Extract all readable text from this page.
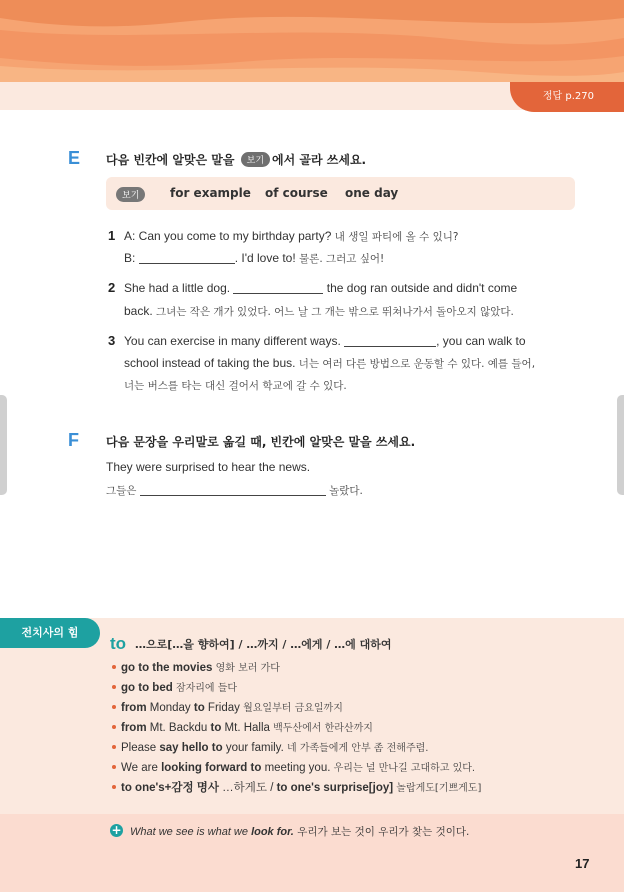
정답 p.270
E 다음 빈칸에 알맞은 말을 보기 에서 골라 쓰세요.
보기	for example of course one day
1 A: Can you come to my birthday party? 내 생일 파티에 올 수 있니?
B:	. I'd love to! 물론. 그러고 싶어!
2 She had a little dog.	the dog ran outside and didn't come
back. 그녀는 작은 개가 있었다. 어느 날 그 개는 밖으로 뛰쳐나가서 돌아오지 않았다.
3 You can exercise in many different ways.	, you can walk to
school instead of taking the bus. 너는 여러 다른 방법으로 운동할 수 있다. 예를 들어,
너는 버스를 타는 대신 걸어서 학교에 갈 수 있다.
F 다음 문장을 우리말로 옮길 때, 빈칸에 알맞은 말을 쓰세요.
They were surprised to hear the news.
그들은	놀랐다.
전치사의 힘
to …으로[…을 향하여] / …까지 / …에게 / …에 대하여
go to the movies 영화 보러 가다
go to bed 잠자리에 들다
from Monday to Friday 월요일부터 금요일까지
from Mt. Backdu to Mt. Halla 백두산에서 한라산까지
Please say hello to your family. 네 가족들에게 안부 좀 전해주렴.
We are looking forward to meeting you. 우리는 널 만나길 고대하고 있다.
to one's+감정 명사 …하게도 / to one's surprise[joy] 놀랍게도[기쁘게도]
+ What we see is what we look for. 우리가 보는 것이 우리가 찾는 것이다.
17
